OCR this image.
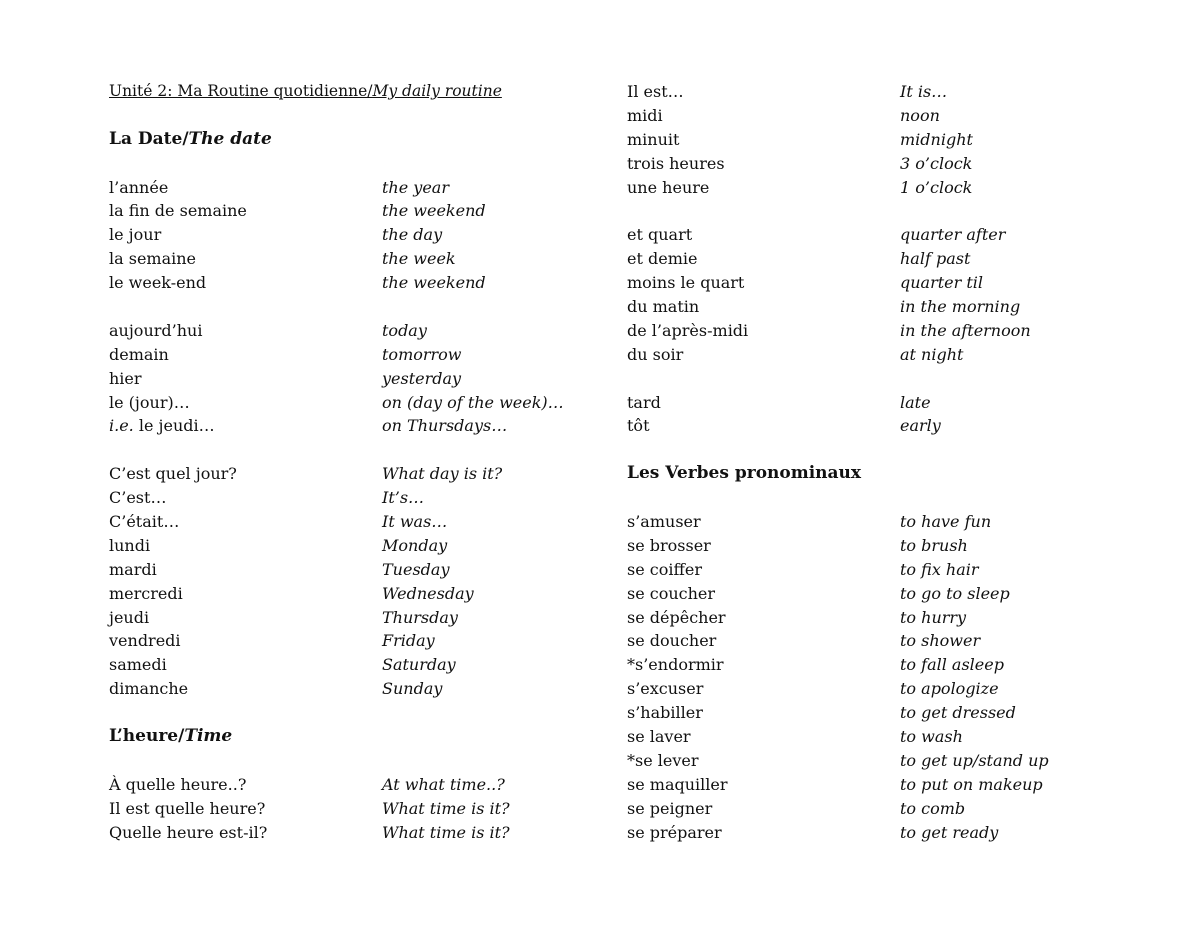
Unité 2: Ma Routine quotidienne/My daily routine
La Date/The date
l’année	the year
la fin de semaine	the weekend
le jour	the day
la semaine	the week
le week-end	the weekend
aujourd’hui	today
demain	tomorrow
hier	yesterday
le (jour)…	on (day of the week)…
i.e. le jeudi…	on Thursdays…
C’est quel jour?	What day is it?
C’est…	It’s…
C’était…	It was…
lundi	Monday
mardi	Tuesday
mercredi	Wednesday
jeudi	Thursday
vendredi	Friday
samedi	Saturday
dimanche	Sunday
L’heure/Time
À quelle heure..?	At what time..?
Il est quelle heure?	What time is it?
Quelle heure est-il?	What time is it?
Il est…	It is…
midi	noon
minuit	midnight
trois heures	3 o’clock
une heure	1 o’clock
et quart	quarter after
et demie	half past
moins le quart	quarter til
du matin	in the morning
de l’après-midi	in the afternoon
du soir	at night
tard	late
tôt	early
Les Verbes pronominaux
s’amuser	to have fun
se brosser	to brush
se coiffer	to fix hair
se coucher	to go to sleep
se dépêcher	to hurry
se doucher	to shower
*s’endormir	to fall asleep
s’excuser	to apologize
s’habiller	to get dressed
se laver	to wash
*se lever	to get up/stand up
se maquiller	to put on makeup
se peigner	to comb
se préparer	to get ready
